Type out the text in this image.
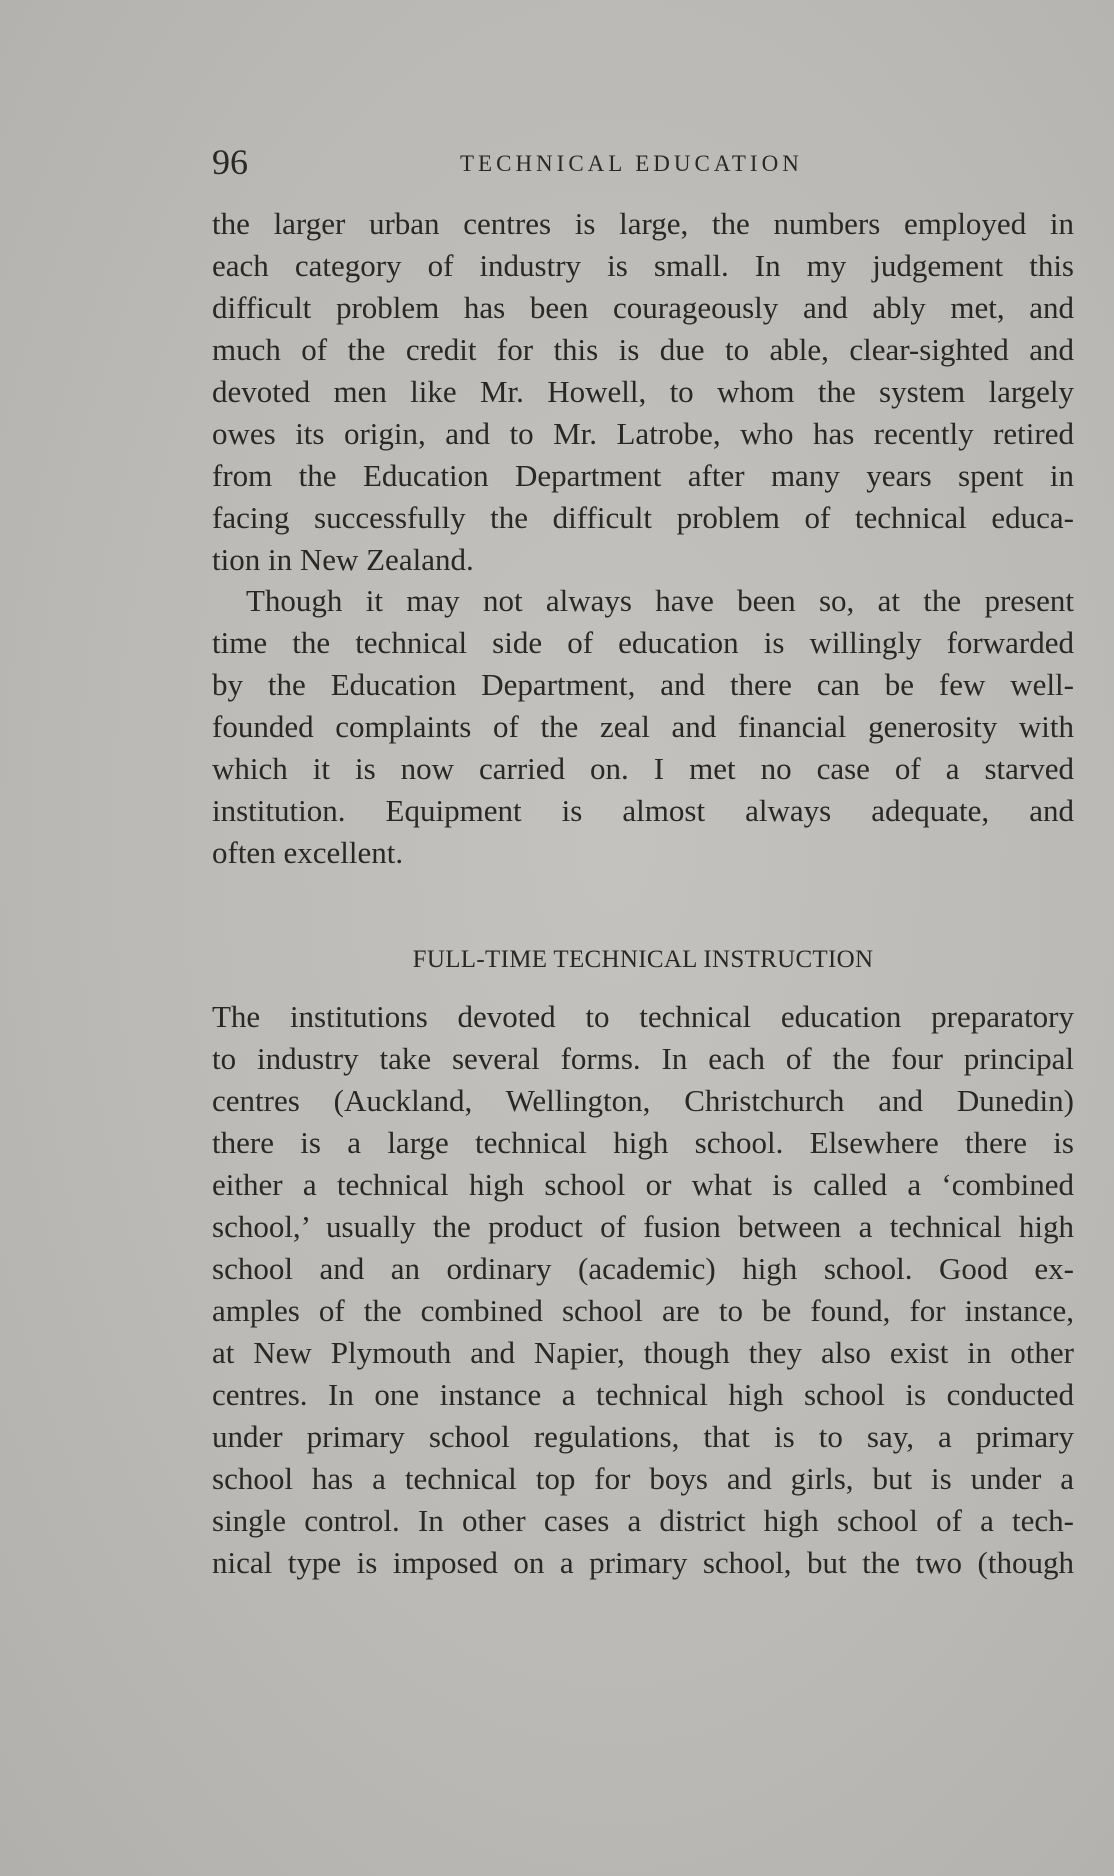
96	TECHNICAL EDUCATION
the larger urban centres is large, the numbers employed in
each category of industry is small. In my judgement this
difficult problem has been courageously and ably met, and
much of the credit for this is due to able, clear-sighted and
devoted men like Mr. Howell, to whom the system largely
owes its origin, and to Mr. Latrobe, who has recently retired
from the Education Department after many years spent in
facing successfully the difficult problem of technical educa-
tion in New Zealand.
Though it may not always have been so, at the present
time the technical side of education is willingly forwarded
by the Education Department, and there can be few well-
founded complaints of the zeal and financial generosity with
which it is now carried on. I met no case of a starved
institution. Equipment is almost always adequate, and
often excellent.
FULL-TIME TECHNICAL INSTRUCTION
The institutions devoted to technical education preparatory
to industry take several forms. In each of the four principal
centres (Auckland, Wellington, Christchurch and Dunedin)
there is a large technical high school. Elsewhere there is
either a technical high school or what is called a ‘combined
school,’ usually the product of fusion between a technical high
school and an ordinary (academic) high school. Good ex-
amples of the combined school are to be found, for instance,
at New Plymouth and Napier, though they also exist in other
centres. In one instance a technical high school is conducted
under primary school regulations, that is to say, a primary
school has a technical top for boys and girls, but is under a
single control. In other cases a district high school of a tech-
nical type is imposed on a primary school, but the two (though
